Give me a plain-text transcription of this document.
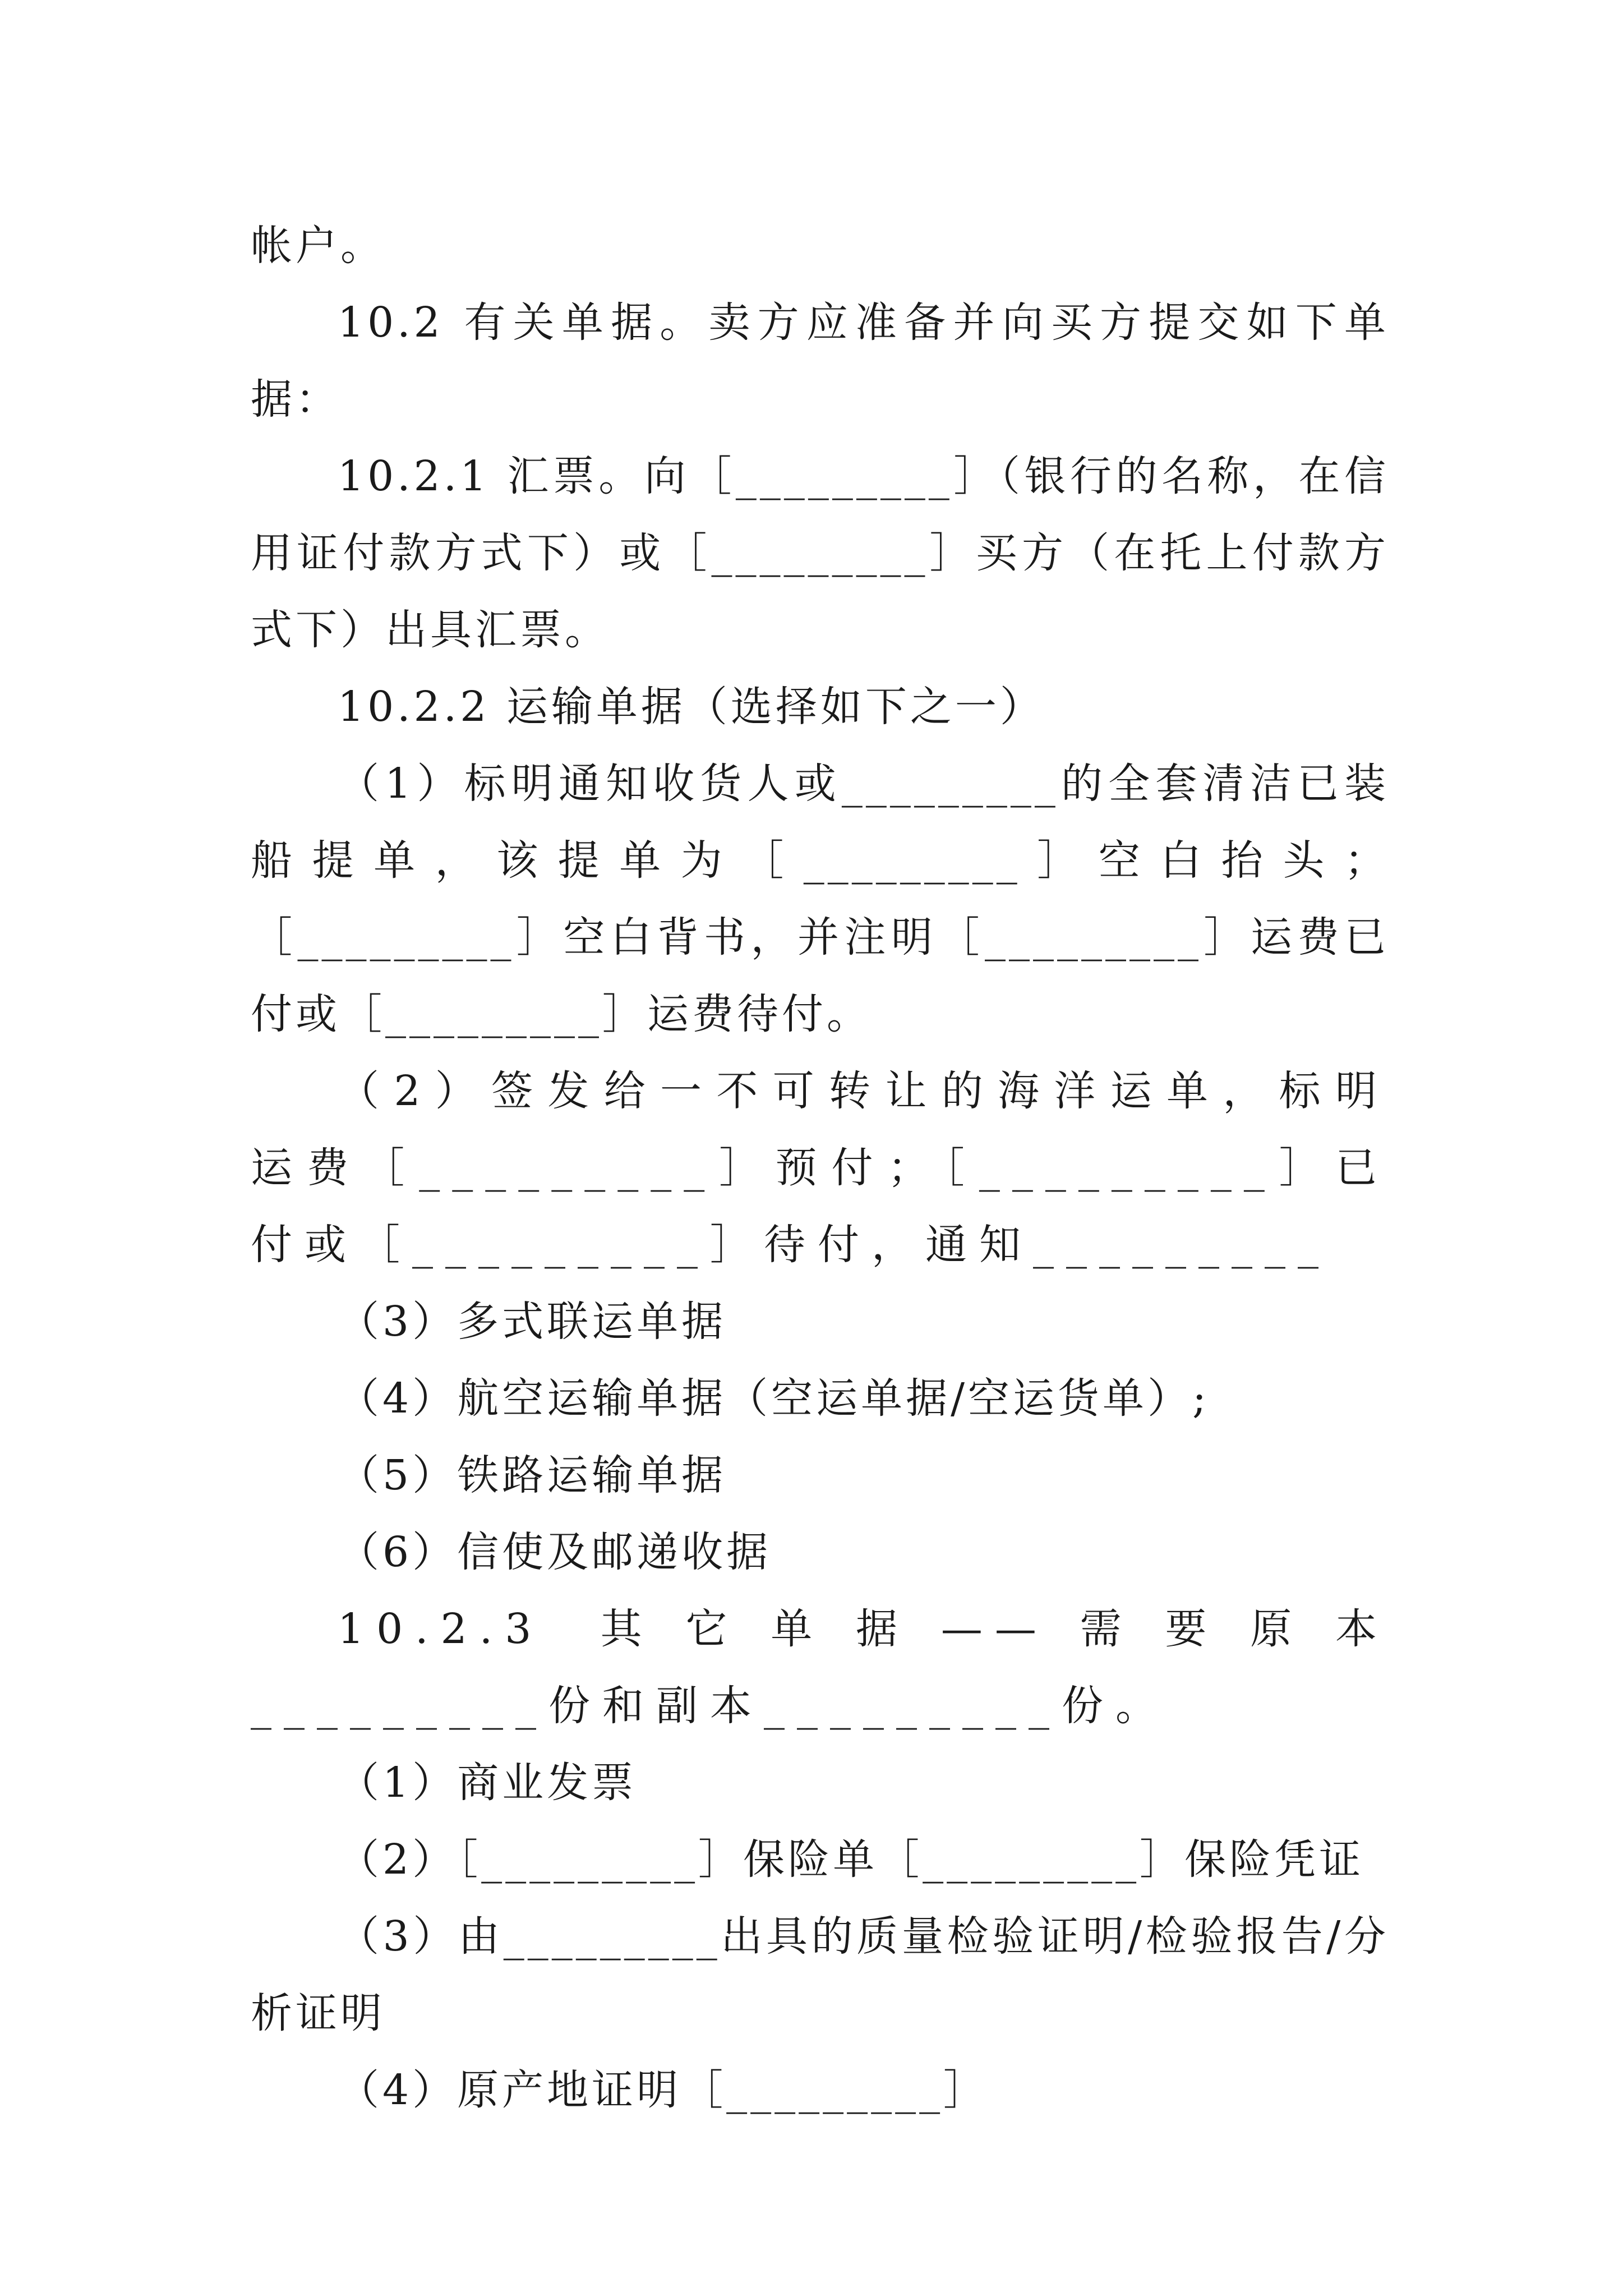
帐户。

10.2 有关单据。卖方应准备并向买方提交如下单据：

10.2.1 汇票。向［_________］（银行的名称，在信用证付款方式下）或［_________］买方（在托上付款方式下）出具汇票。

10.2.2 运输单据（选择如下之一）

（1）标明通知收货人或_________的全套清洁已装船提单，该提单为［_________］空白抬头；［_________］空白背书，并注明［_________］运费已付或［_________］运费待付。

（2）签发给一不可转让的海洋运单，标明运费［_________］预付；［_________］已付或［_________］待付，通知_________

（3）多式联运单据

（4）航空运输单据（空运单据/空运货单）;

（5）铁路运输单据

（6）信使及邮递收据

10.2.3 其它单据——需要原本_________份和副本_________份。

（1）商业发票

（2）［_________］保险单［_________］保险凭证

（3）由_________出具的质量检验证明/检验报告/分析证明

（4）原产地证明［_________］
